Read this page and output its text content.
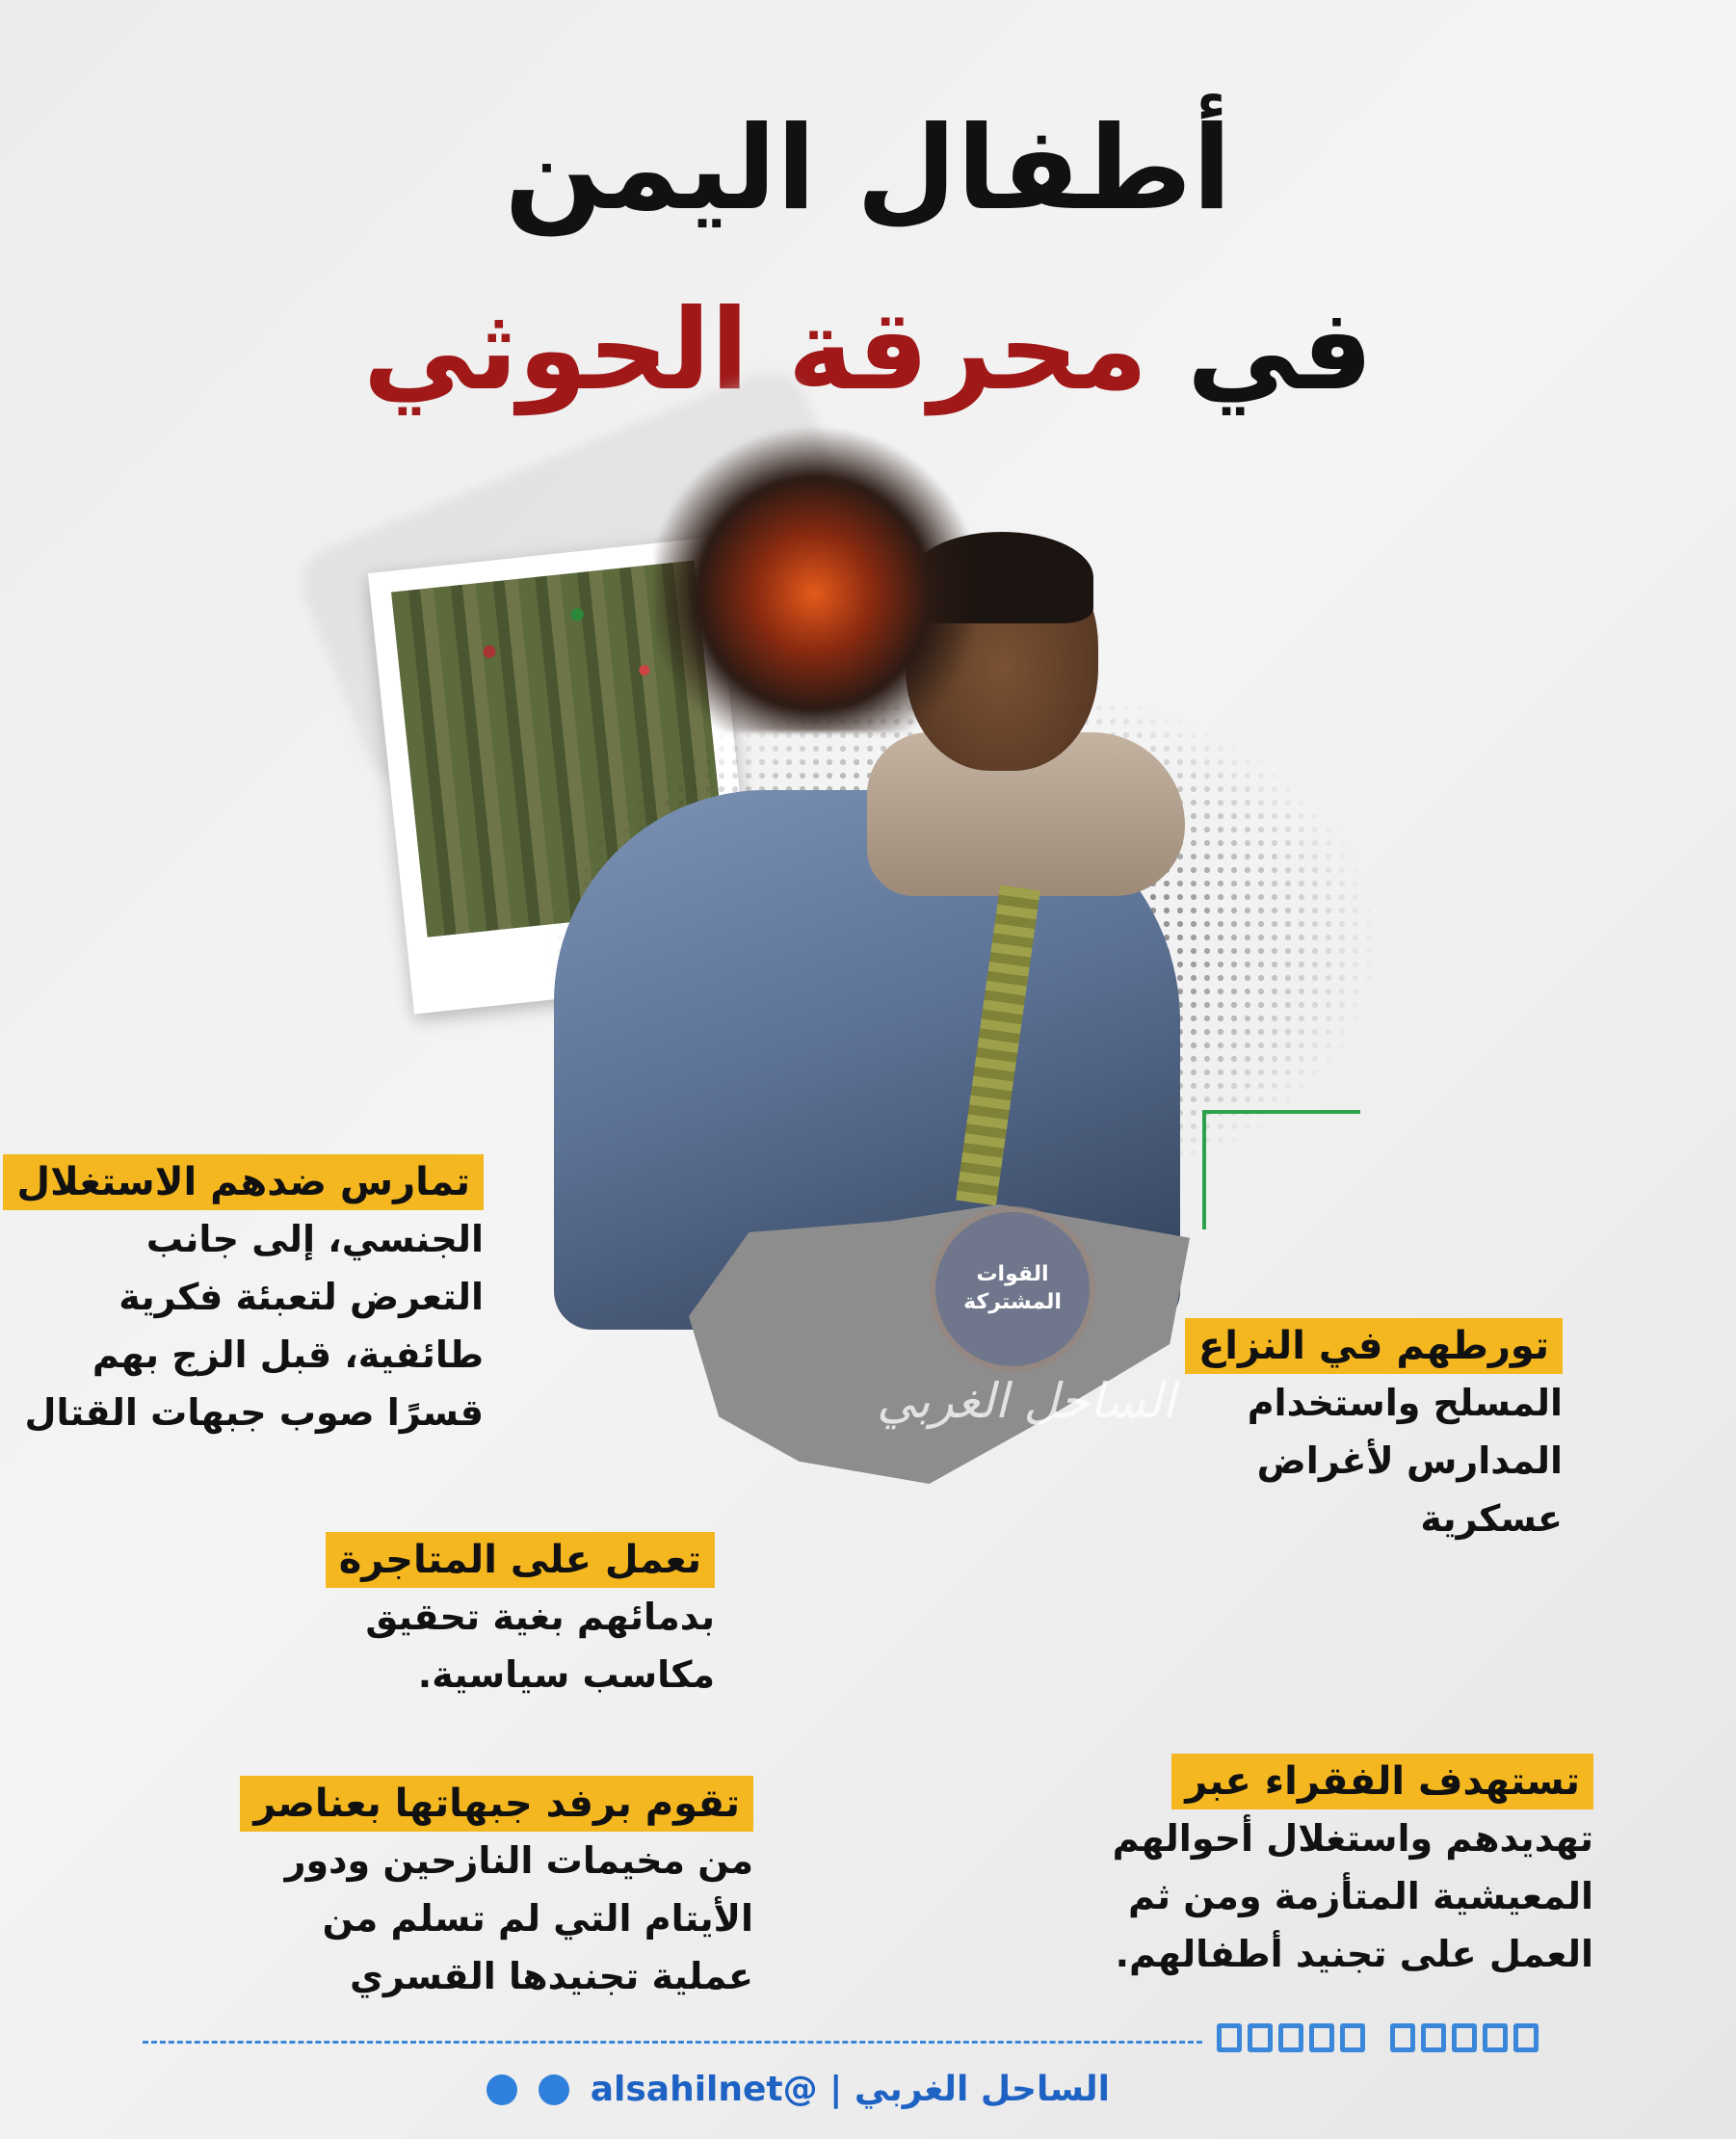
أطفال اليمن
في محرقة الحوثي
القوات المشتركة
الساحل الغربي
تمارس ضدهم الاستغلال
الجنسي، إلى جانب
التعرض لتعبئة فكرية
طائفية، قبل الزج بهم
قسرًا صوب جبهات القتال
تورطهم في النزاع
المسلح واستخدام
المدارس لأغراض
عسكرية
تعمل على المتاجرة
بدمائهم بغية تحقيق
مكاسب سياسية.
تقوم برفد جبهاتها بعناصر
من مخيمات النازحين ودور
الأيتام التي لم تسلم من
عملية تجنيدها القسري
تستهدف الفقراء عبر
تهديدهم واستغلال أحوالهم
المعيشية المتأزمة ومن ثم
العمل على تجنيد أطفالهم.
الساحل الغربي | @alsahilnet
